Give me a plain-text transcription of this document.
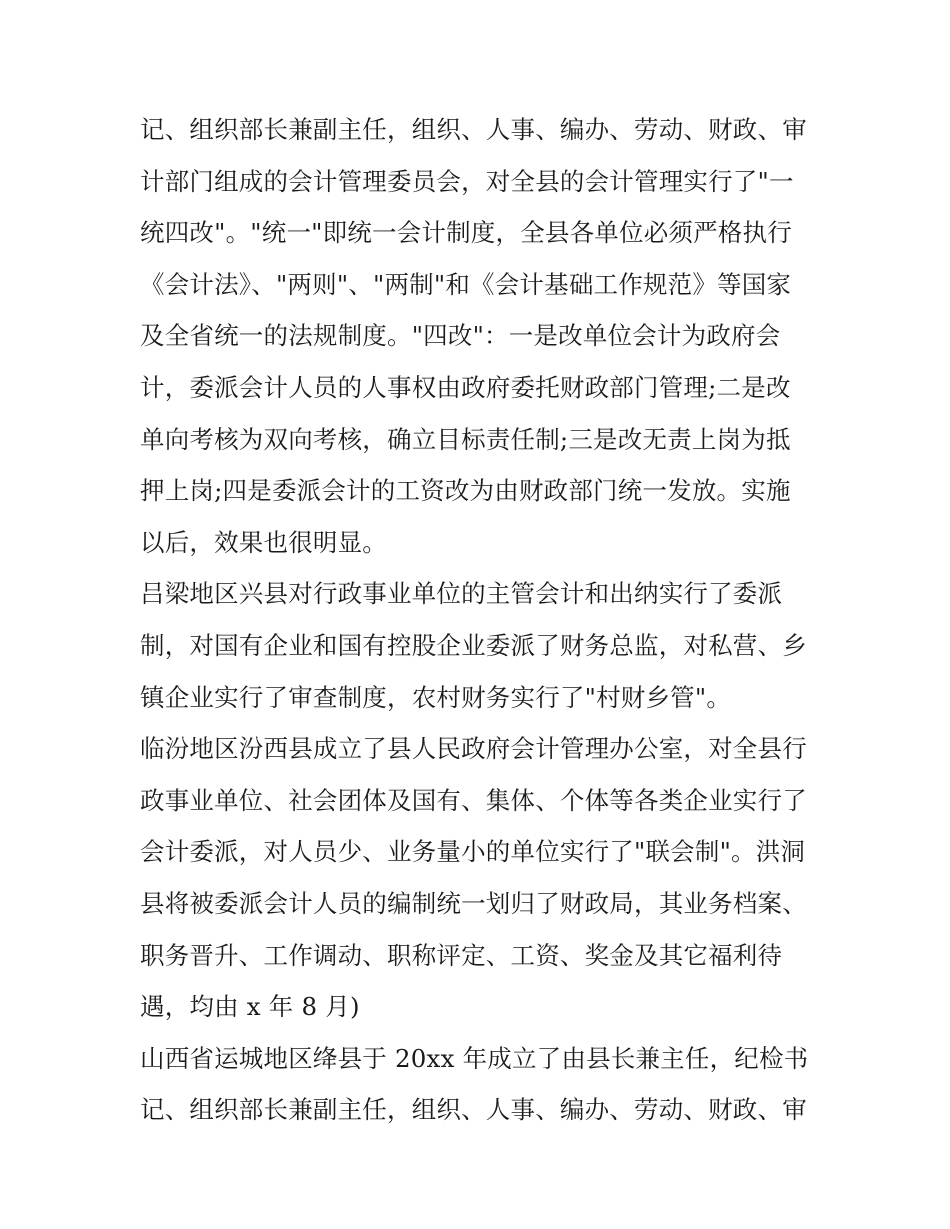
记、组织部长兼副主任，组织、人事、编办、劳动、财政、审
计部门组成的会计管理委员会，对全县的会计管理实行了"一
统四改"。"统一"即统一会计制度，全县各单位必须严格执行
《会计法》、"两则"、"两制"和《会计基础工作规范》等国家
及全省统一的法规制度。"四改"：一是改单位会计为政府会
计，委派会计人员的人事权由政府委托财政部门管理;二是改
单向考核为双向考核，确立目标责任制;三是改无责上岗为抵
押上岗;四是委派会计的工资改为由财政部门统一发放。实施
以后，效果也很明显。
吕梁地区兴县对行政事业单位的主管会计和出纳实行了委派
制，对国有企业和国有控股企业委派了财务总监，对私营、乡
镇企业实行了审查制度，农村财务实行了"村财乡管"。
临汾地区汾西县成立了县人民政府会计管理办公室，对全县行
政事业单位、社会团体及国有、集体、个体等各类企业实行了
会计委派，对人员少、业务量小的单位实行了"联会制"。洪洞
县将被委派会计人员的编制统一划归了财政局，其业务档案、
职务晋升、工作调动、职称评定、工资、奖金及其它福利待
遇，均由 x 年 8 月)
山西省运城地区绛县于 20xx 年成立了由县长兼主任，纪检书
记、组织部长兼副主任，组织、人事、编办、劳动、财政、审
